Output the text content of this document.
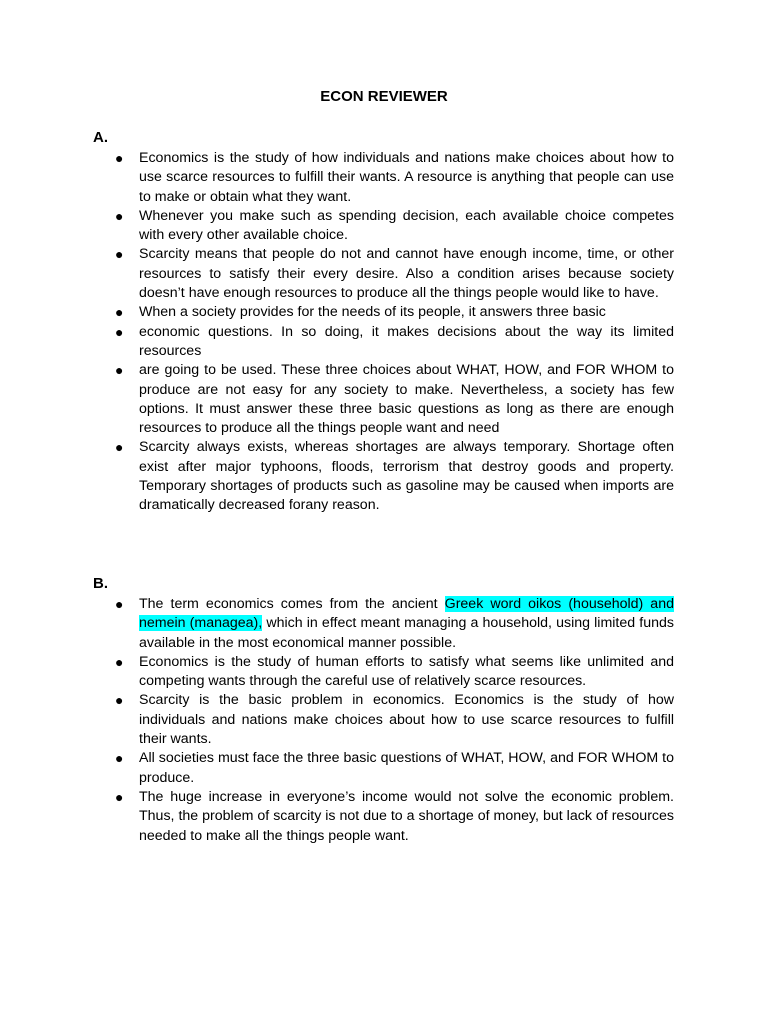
ECON REVIEWER
A.
● Economics is the study of how individuals and nations make choices about how to use scarce resources to fulfill their wants. A resource is anything that people can use to make or obtain what they want.
● Whenever you make such as spending decision, each available choice competes with every other available choice.
● Scarcity means that people do not and cannot have enough income, time, or other resources to satisfy their every desire. Also a condition arises because society doesn’t have enough resources to produce all the things people would like to have.
● When a society provides for the needs of its people, it answers three basic
● economic questions. In so doing, it makes decisions about the way its limited resources
● are going to be used. These three choices about WHAT, HOW, and FOR WHOM to produce are not easy for any society to make. Nevertheless, a society has few options. It must answer these three basic questions as long as there are enough resources to produce all the things people want and need
● Scarcity always exists, whereas shortages are always temporary. Shortage often exist after major typhoons, floods, terrorism that destroy goods and property. Temporary shortages of products such as gasoline may be caused when imports are dramatically decreased forany reason.
B.
● The term economics comes from the ancient Greek word oikos (household) and nemein (managea), which in effect meant managing a household, using limited funds available in the most economical manner possible.
● Economics is the study of human efforts to satisfy what seems like unlimited and competing wants through the careful use of relatively scarce resources.
● Scarcity is the basic problem in economics. Economics is the study of how individuals and nations make choices about how to use scarce resources to fulfill their wants.
● All societies must face the three basic questions of WHAT, HOW, and FOR WHOM to produce.
● The huge increase in everyone’s income would not solve the economic problem. Thus, the problem of scarcity is not due to a shortage of money, but lack of resources needed to make all the things people want.
